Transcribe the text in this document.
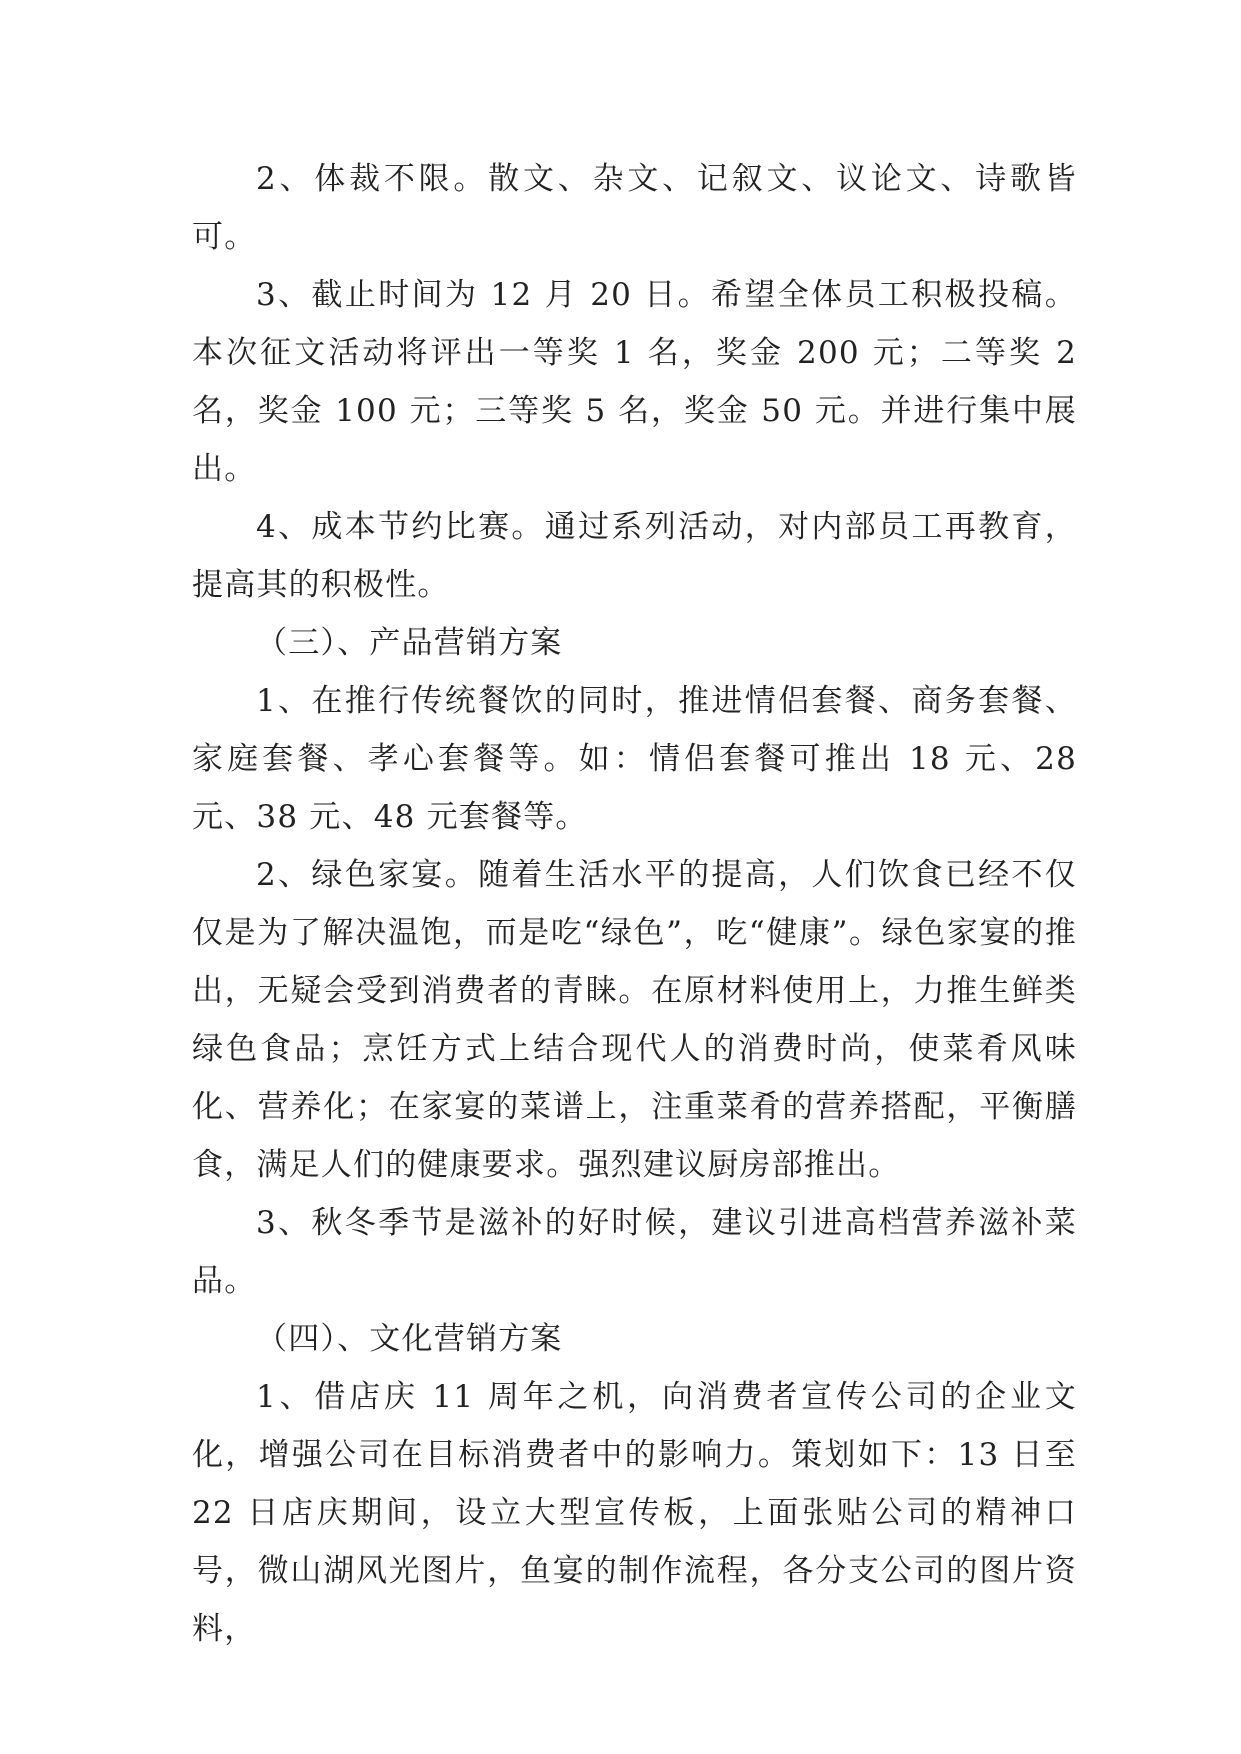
2、体裁不限。散文、杂文、记叙文、议论文、诗歌皆可。

3、截止时间为 12 月 20 日。希望全体员工积极投稿。本次征文活动将评出一等奖 1 名，奖金 200 元；二等奖 2 名，奖金 100 元；三等奖 5 名，奖金 50 元。并进行集中展出。

4、成本节约比赛。通过系列活动，对内部员工再教育，提高其的积极性。

（三）、产品营销方案

1、在推行传统餐饮的同时，推进情侣套餐、商务套餐、家庭套餐、孝心套餐等。如：情侣套餐可推出 18 元、28 元、38 元、48 元套餐等。

2、绿色家宴。随着生活水平的提高，人们饮食已经不仅仅是为了解决温饱，而是吃“绿色”，吃“健康”。绿色家宴的推出，无疑会受到消费者的青睐。在原材料使用上，力推生鲜类绿色食品；烹饪方式上结合现代人的消费时尚，使菜肴风味化、营养化；在家宴的菜谱上，注重菜肴的营养搭配，平衡膳食，满足人们的健康要求。强烈建议厨房部推出。

3、秋冬季节是滋补的好时候，建议引进高档营养滋补菜品。

（四）、文化营销方案

1、借店庆 11 周年之机，向消费者宣传公司的企业文化，增强公司在目标消费者中的影响力。策划如下：13 日至 22 日店庆期间，设立大型宣传板，上面张贴公司的精神口号，微山湖风光图片，鱼宴的制作流程，各分支公司的图片资料，
